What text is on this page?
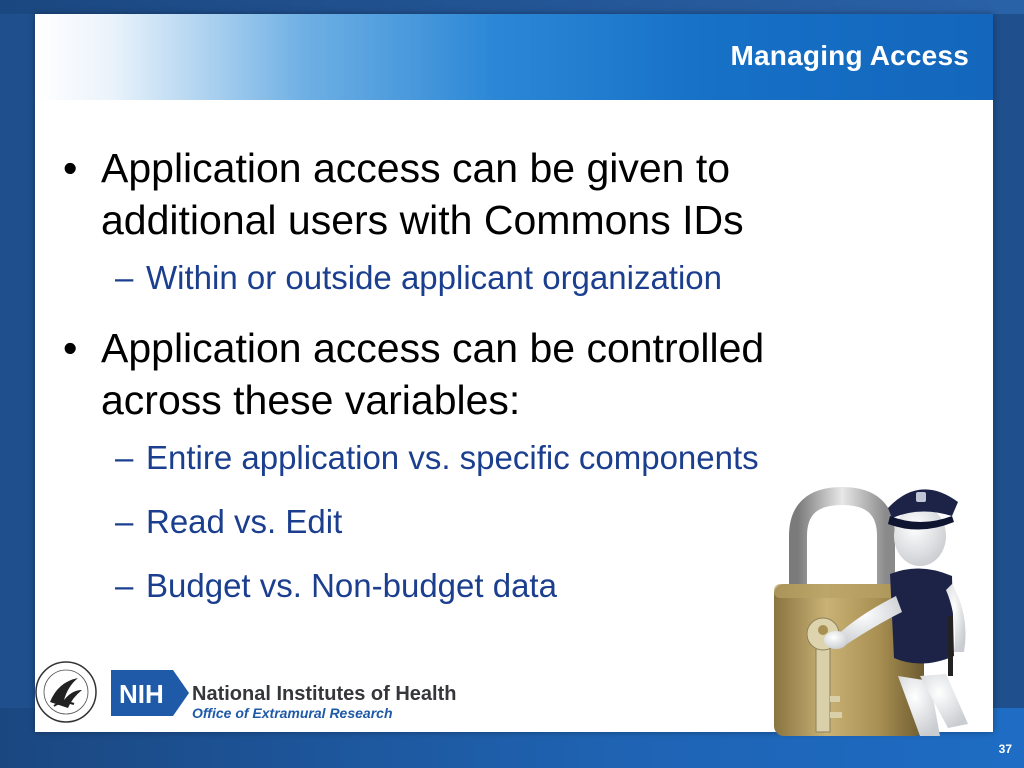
Managing Access
• Application access can be given to
additional users with Commons IDs
– Within or outside applicant organization
• Application access can be controlled
across these variables:
– Entire application vs. specific components
– Read vs. Edit
– Budget vs. Non-budget data
NIH National Institutes of Health
Office of Extramural Research
37
